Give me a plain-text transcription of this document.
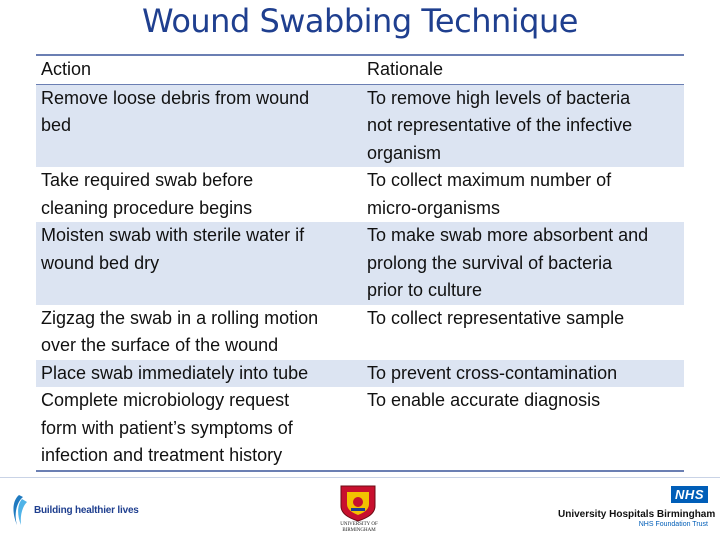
Wound Swabbing Technique
Action	Rationale
Remove loose debris from wound
bed
To remove high levels of bacteria
not representative of the infective
organism
Take required swab before
cleaning procedure begins
To collect maximum number of
micro-organisms
Moisten swab with sterile water if
wound bed dry
To make swab more absorbent and
prolong the survival of bacteria
prior to culture
Zigzag the swab in a rolling motion
over the surface of the wound
To collect representative sample
Place swab immediately into tube	To prevent cross-contamination
Complete microbiology request
form with patient’s symptoms of
infection and treatment history
To enable accurate diagnosis
Building healthier lives
UNIVERSITY OF
BIRMINGHAM
NHS
University Hospitals Birmingham
NHS Foundation Trust
